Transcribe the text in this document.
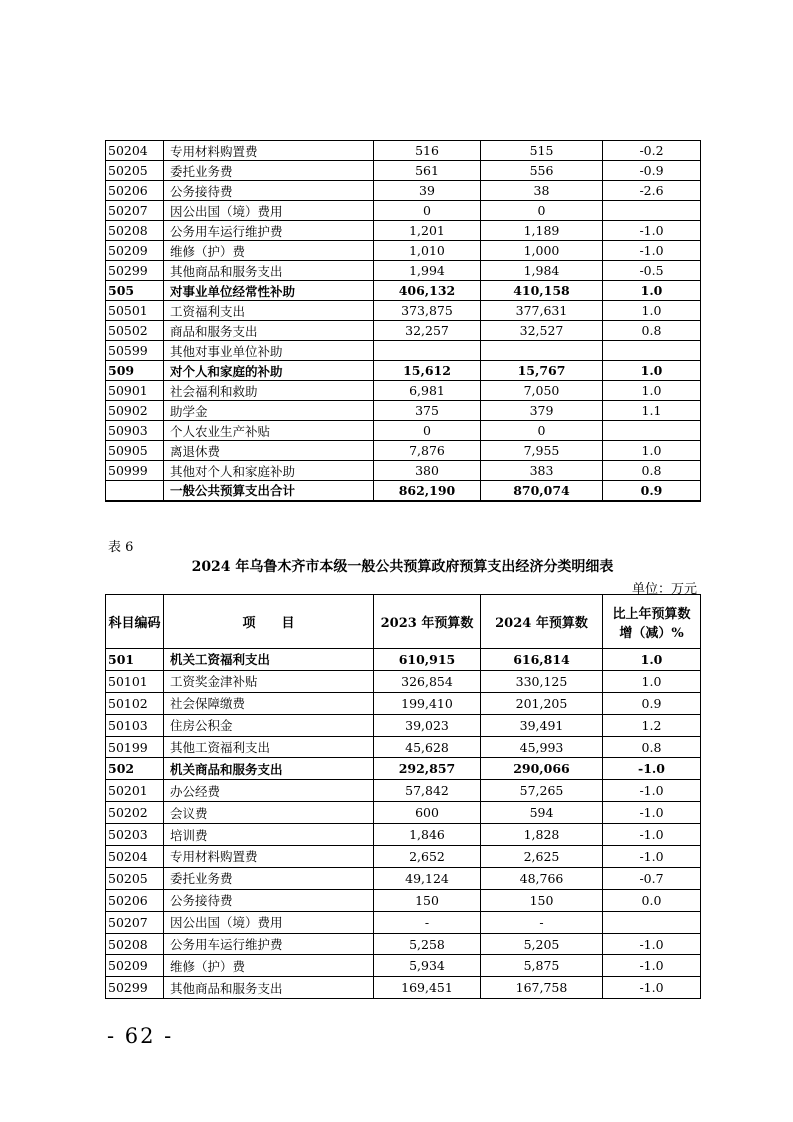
50204	专用材料购置费	516	515	-0.2
50205	委托业务费	561	556	-0.9
50206	公务接待费	39	38	-2.6
50207	因公出国（境）费用	0	0	
50208	公务用车运行维护费	1,201	1,189	-1.0
50209	维修（护）费	1,010	1,000	-1.0
50299	其他商品和服务支出	1,994	1,984	-0.5
505	对事业单位经常性补助	406,132	410,158	1.0
50501	工资福利支出	373,875	377,631	1.0
50502	商品和服务支出	32,257	32,527	0.8
50599	其他对事业单位补助			
509	对个人和家庭的补助	15,612	15,767	1.0
50901	社会福利和救助	6,981	7,050	1.0
50902	助学金	375	379	1.1
50903	个人农业生产补贴	0	0	
50905	离退休费	7,876	7,955	1.0
50999	其他对个人和家庭补助	380	383	0.8
	一般公共预算支出合计	862,190	870,074	0.9
表 6
2024 年乌鲁木齐市本级一般公共预算政府预算支出经济分类明细表
单位：万元
科目编码	项　　目	2023 年预算数	2024 年预算数	比上年预算数
增（减）%

501	机关工资福利支出	610,915	616,814	1.0
50101	工资奖金津补贴	326,854	330,125	1.0
50102	社会保障缴费	199,410	201,205	0.9
50103	住房公积金	39,023	39,491	1.2
50199	其他工资福利支出	45,628	45,993	0.8
502	机关商品和服务支出	292,857	290,066	-1.0
50201	办公经费	57,842	57,265	-1.0
50202	会议费	600	594	-1.0
50203	培训费	1,846	1,828	-1.0
50204	专用材料购置费	2,652	2,625	-1.0
50205	委托业务费	49,124	48,766	-0.7
50206	公务接待费	150	150	0.0
50207	因公出国（境）费用	-	-	
50208	公务用车运行维护费	5,258	5,205	-1.0
50209	维修（护）费	5,934	5,875	-1.0
50299	其他商品和服务支出	169,451	167,758	-1.0
- 62 -
